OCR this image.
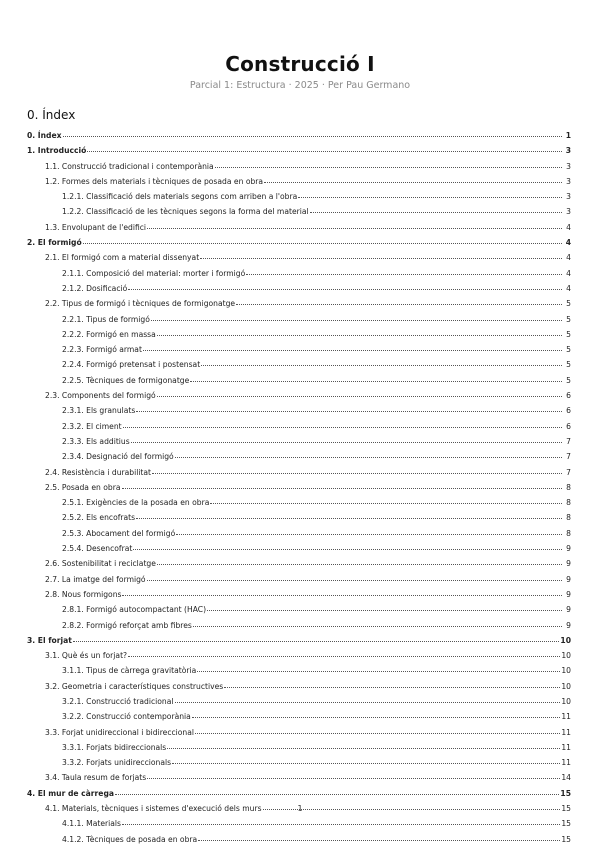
Construcció I
Parcial 1: Estructura · 2025 · Per Pau Germano
0. Índex
0. Índex	1
1. Introducció	3
1.1. Construcció tradicional i contemporània	3
1.2. Formes dels materials i tècniques de posada en obra	3
1.2.1. Classificació dels materials segons com arriben a l'obra	3
1.2.2. Classificació de les tècniques segons la forma del material	3
1.3. Envolupant de l'edifici	4
2. El formigó	4
2.1. El formigó com a material dissenyat	4
2.1.1. Composició del material: morter i formigó	4
2.1.2. Dosificació	4
2.2. Tipus de formigó i tècniques de formigonatge	5
2.2.1. Tipus de formigó	5
2.2.2. Formigó en massa	5
2.2.3. Formigó armat	5
2.2.4. Formigó pretensat i postensat	5
2.2.5. Tècniques de formigonatge	5
2.3. Components del formigó	6
2.3.1. Els granulats	6
2.3.2. El ciment	6
2.3.3. Els additius	7
2.3.4. Designació del formigó	7
2.4. Resistència i durabilitat	7
2.5. Posada en obra	8
2.5.1. Exigències de la posada en obra	8
2.5.2. Els encofrats	8
2.5.3. Abocament del formigó	8
2.5.4. Desencofrat	9
2.6. Sostenibilitat i reciclatge	9
2.7. La imatge del formigó	9
2.8. Nous formigons	9
2.8.1. Formigó autocompactant (HAC)	9
2.8.2. Formigó reforçat amb fibres	9
3. El forjat	10
3.1. Què és un forjat?	10
3.1.1. Tipus de càrrega gravitatòria	10
3.2. Geometria i característiques constructives	10
3.2.1. Construcció tradicional	10
3.2.2. Construcció contemporània	11
3.3. Forjat unidireccional i bidireccional	11
3.3.1. Forjats bidireccionals	11
3.3.2. Forjats unidireccionals	11
3.4. Taula resum de forjats	14
4. El mur de càrrega	15
4.1. Materials, tècniques i sistemes d'execució dels murs	15
4.1.1. Materials	15
4.1.2. Tècniques de posada en obra	15
1
